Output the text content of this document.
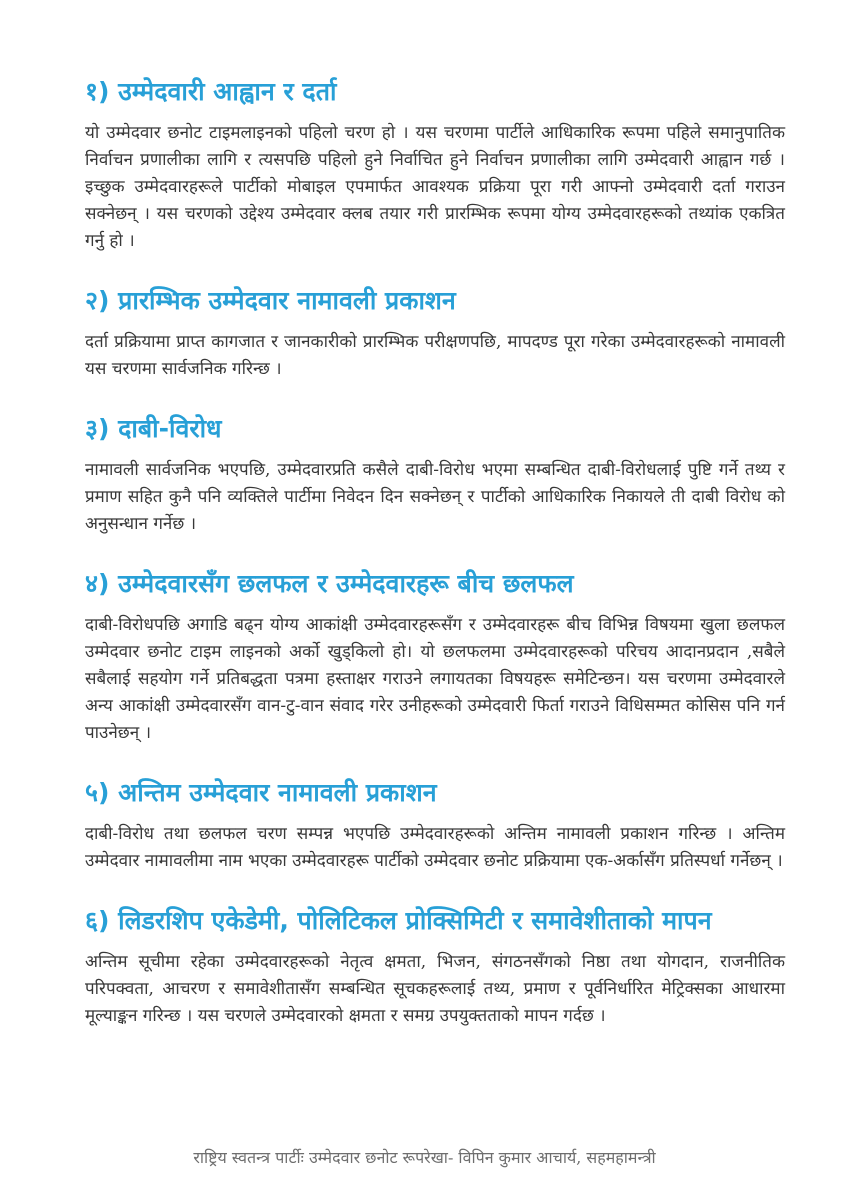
१) उम्मेदवारी आह्वान र दर्ता

यो उम्मेदवार छनोट टाइमलाइनको पहिलो चरण हो । यस चरणमा पार्टीले आधिकारिक रूपमा पहिले समानुपातिक निर्वाचन प्रणालीका लागि र त्यसपछि पहिलो हुने निर्वाचित हुने निर्वाचन प्रणालीका लागि उम्मेदवारी आह्वान गर्छ । इच्छुक उम्मेदवारहरूले पार्टीको मोबाइल एपमार्फत आवश्यक प्रक्रिया पूरा गरी आफ्नो उम्मेदवारी दर्ता गराउन सक्नेछन् । यस चरणको उद्देश्य उम्मेदवार क्लब तयार गरी प्रारम्भिक रूपमा योग्य उम्मेदवारहरूको तथ्यांक एकत्रित गर्नु हो ।

२) प्रारम्भिक उम्मेदवार नामावली प्रकाशन

दर्ता प्रक्रियामा प्राप्त कागजात र जानकारीको प्रारम्भिक परीक्षणपछि, मापदण्ड पूरा गरेका उम्मेदवारहरूको नामावली यस चरणमा सार्वजनिक गरिन्छ ।

३) दाबी-विरोध

नामावली सार्वजनिक भएपछि, उम्मेदवारप्रति कसैले दाबी-विरोध भएमा सम्बन्धित दाबी-विरोधलाई पुष्टि गर्ने तथ्य र प्रमाण सहित कुनै पनि व्यक्तिले पार्टीमा निवेदन दिन सक्नेछन् र पार्टीको आधिकारिक निकायले ती दाबी विरोध को अनुसन्धान गर्नेछ ।

४) उम्मेदवारसँग छलफल र उम्मेदवारहरू बीच छलफल

दाबी-विरोधपछि अगाडि बढ्न योग्य आकांक्षी उम्मेदवारहरूसँग र उम्मेदवारहरू बीच विभिन्न विषयमा खुला छलफल उम्मेदवार छनोट टाइम लाइनको अर्को खुड्किलो हो। यो छलफलमा उम्मेदवारहरूको परिचय आदानप्रदान ,सबैले सबैलाई सहयोग गर्ने प्रतिबद्धता पत्रमा हस्ताक्षर गराउने लगायतका विषयहरू समेटिन्छन। यस चरणमा उम्मेदवारले अन्य आकांक्षी उम्मेदवारसँग वान-टु-वान संवाद गरेर उनीहरूको उम्मेदवारी फिर्ता गराउने विधिसम्मत कोसिस पनि गर्न पाउनेछन् ।

५) अन्तिम उम्मेदवार नामावली प्रकाशन

दाबी-विरोध तथा छलफल चरण सम्पन्न भएपछि उम्मेदवारहरूको अन्तिम नामावली प्रकाशन गरिन्छ । अन्तिम उम्मेदवार नामावलीमा नाम भएका उम्मेदवारहरू पार्टीको उम्मेदवार छनोट प्रक्रियामा एक-अर्कासँग प्रतिस्पर्धा गर्नेछन् ।

६) लिडरशिप एकेडेमी, पोलिटिकल प्रोक्सिमिटी र समावेशीताको मापन

अन्तिम सूचीमा रहेका उम्मेदवारहरूको नेतृत्व क्षमता, भिजन, संगठनसँगको निष्ठा तथा योगदान, राजनीतिक परिपक्वता, आचरण र समावेशीतासँग सम्बन्धित सूचकहरूलाई तथ्य, प्रमाण र पूर्वनिर्धारित मेट्रिक्सका आधारमा मूल्याङ्कन गरिन्छ । यस चरणले उम्मेदवारको क्षमता र समग्र उपयुक्तताको मापन गर्दछ ।

राष्ट्रिय स्वतन्त्र पार्टीः उम्मेदवार छनोट रूपरेखा- विपिन कुमार आचार्य, सहमहामन्त्री
